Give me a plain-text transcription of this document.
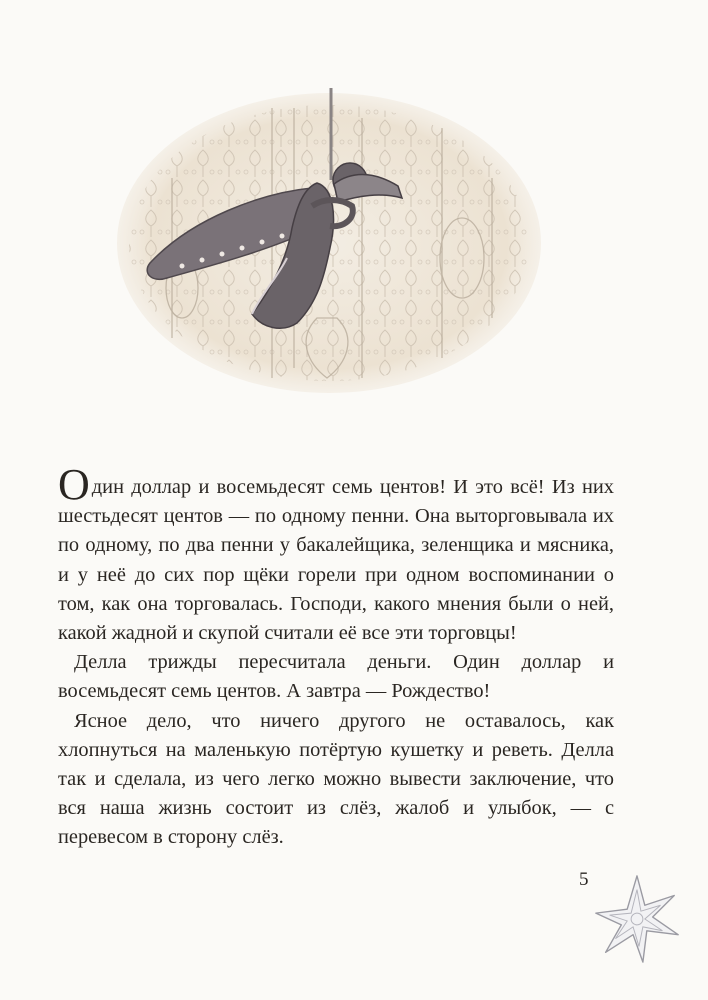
Один доллар и восемьдесят семь центов! И это всё! Из них шестьдесят центов — по одному пенни. Она выторговывала их по одному, по два пенни у бакалейщика, зеленщика и мясника, и у неё до сих пор щёки горели при одном воспоминании о том, как она торговалась. Господи, какого мнения были о ней, какой жадной и скупой считали её все эти торговцы!

Делла трижды пересчитала деньги. Один доллар и восемьдесят семь центов. А завтра — Рождество!

Ясное дело, что ничего другого не оставалось, как хлопнуться на маленькую потёртую кушетку и реветь. Делла так и сделала, из чего легко можно вывести заключение, что вся наша жизнь состоит из слёз, жалоб и улыбок, — с перевесом в сторону слёз.

5
